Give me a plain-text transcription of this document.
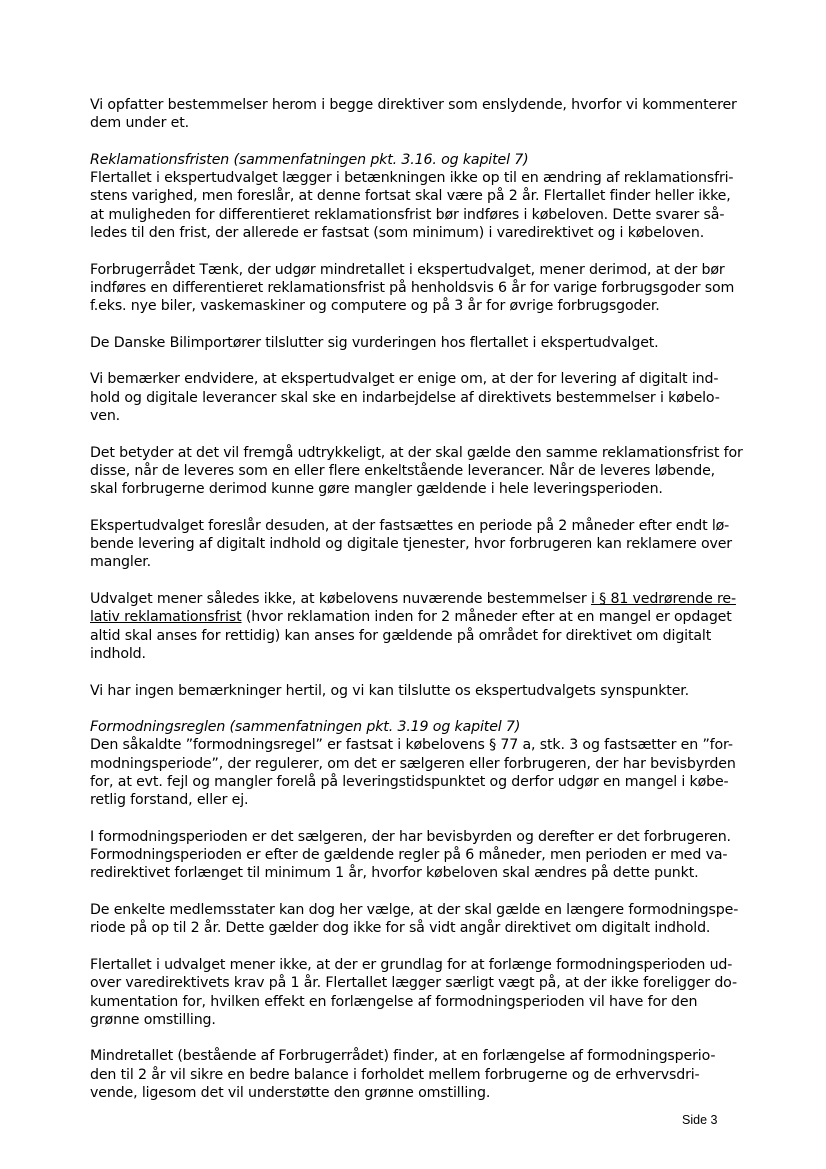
Vi opfatter bestemmelser herom i begge direktiver som enslydende, hvorfor vi kommenterer
dem under et.

Reklamationsfristen (sammenfatningen pkt. 3.16. og kapitel 7)
Flertallet i ekspertudvalget lægger i betænkningen ikke op til en ændring af reklamationsfri-
stens varighed, men foreslår, at denne fortsat skal være på 2 år. Flertallet finder heller ikke,
at muligheden for differentieret reklamationsfrist bør indføres i købeloven. Dette svarer så-
ledes til den frist, der allerede er fastsat (som minimum) i varedirektivet og i købeloven.

Forbrugerrådet Tænk, der udgør mindretallet i ekspertudvalget, mener derimod, at der bør
indføres en differentieret reklamationsfrist på henholdsvis 6 år for varige forbrugsgoder som
f.eks. nye biler, vaskemaskiner og computere og på 3 år for øvrige forbrugsgoder.

De Danske Bilimportører tilslutter sig vurderingen hos flertallet i ekspertudvalget.

Vi bemærker endvidere, at ekspertudvalget er enige om, at der for levering af digitalt ind-
hold og digitale leverancer skal ske en indarbejdelse af direktivets bestemmelser i købelo-
ven.

Det betyder at det vil fremgå udtrykkeligt, at der skal gælde den samme reklamationsfrist for
disse, når de leveres som en eller flere enkeltstående leverancer. Når de leveres løbende,
skal forbrugerne derimod kunne gøre mangler gældende i hele leveringsperioden.

Ekspertudvalget foreslår desuden, at der fastsættes en periode på 2 måneder efter endt lø-
bende levering af digitalt indhold og digitale tjenester, hvor forbrugeren kan reklamere over
mangler.

Udvalget mener således ikke, at købelovens nuværende bestemmelser i § 81 vedrørende re-
lativ reklamationsfrist (hvor reklamation inden for 2 måneder efter at en mangel er opdaget
altid skal anses for rettidig) kan anses for gældende på området for direktivet om digitalt
indhold.

Vi har ingen bemærkninger hertil, og vi kan tilslutte os ekspertudvalgets synspunkter.

Formodningsreglen (sammenfatningen pkt. 3.19 og kapitel 7)
Den såkaldte ”formodningsregel” er fastsat i købelovens § 77 a, stk. 3 og fastsætter en ”for-
modningsperiode”, der regulerer, om det er sælgeren eller forbrugeren, der har bevisbyrden
for, at evt. fejl og mangler forelå på leveringstidspunktet og derfor udgør en mangel i købe-
retlig forstand, eller ej.

I formodningsperioden er det sælgeren, der har bevisbyrden og derefter er det forbrugeren.
Formodningsperioden er efter de gældende regler på 6 måneder, men perioden er med va-
redirektivet forlænget til minimum 1 år, hvorfor købeloven skal ændres på dette punkt.

De enkelte medlemsstater kan dog her vælge, at der skal gælde en længere formodningspe-
riode på op til 2 år. Dette gælder dog ikke for så vidt angår direktivet om digitalt indhold.

Flertallet i udvalget mener ikke, at der er grundlag for at forlænge formodningsperioden ud-
over varedirektivets krav på 1 år. Flertallet lægger særligt vægt på, at der ikke foreligger do-
kumentation for, hvilken effekt en forlængelse af formodningsperioden vil have for den
grønne omstilling.

Mindretallet (bestående af Forbrugerrådet) finder, at en forlængelse af formodningsperio-
den til 2 år vil sikre en bedre balance i forholdet mellem forbrugerne og de erhvervsdri-
vende, ligesom det vil understøtte den grønne omstilling.

Side 3
